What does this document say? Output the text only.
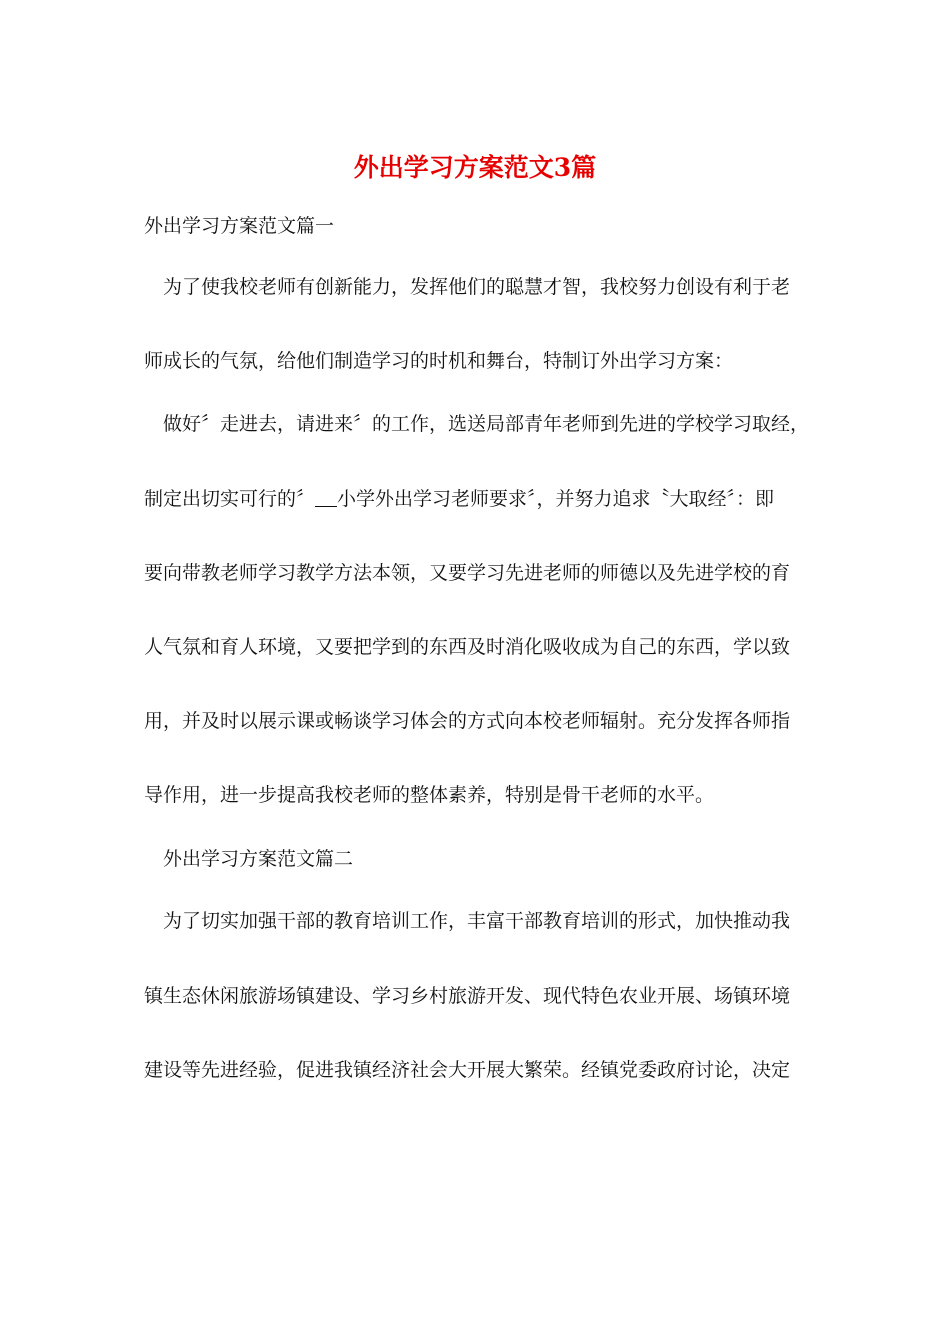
外出学习方案范文3篇

外出学习方案范文篇一

为了使我校老师有创新能力，发挥他们的聪慧才智，我校努力创设有利于老

师成长的气氛，给他们制造学习的时机和舞台，特制订外出学习方案：

做好〞走进去，请进来〞的工作，选送局部青年老师到先进的学校学习取经，

制定出切实可行的〞 小学外出学习老师要求〞，并努力追求〝大取经〞：即

要向带教老师学习教学方法本领，又要学习先进老师的师德以及先进学校的育

人气氛和育人环境，又要把学到的东西及时消化吸收成为自己的东西，学以致

用，并及时以展示课或畅谈学习体会的方式向本校老师辐射。充分发挥各师指

导作用，进一步提高我校老师的整体素养，特别是骨干老师的水平。

外出学习方案范文篇二

为了切实加强干部的教育培训工作，丰富干部教育培训的形式，加快推动我

镇生态休闲旅游场镇建设、学习乡村旅游开发、现代特色农业开展、场镇环境

建设等先进经验，促进我镇经济社会大开展大繁荣。经镇党委政府讨论，决定
